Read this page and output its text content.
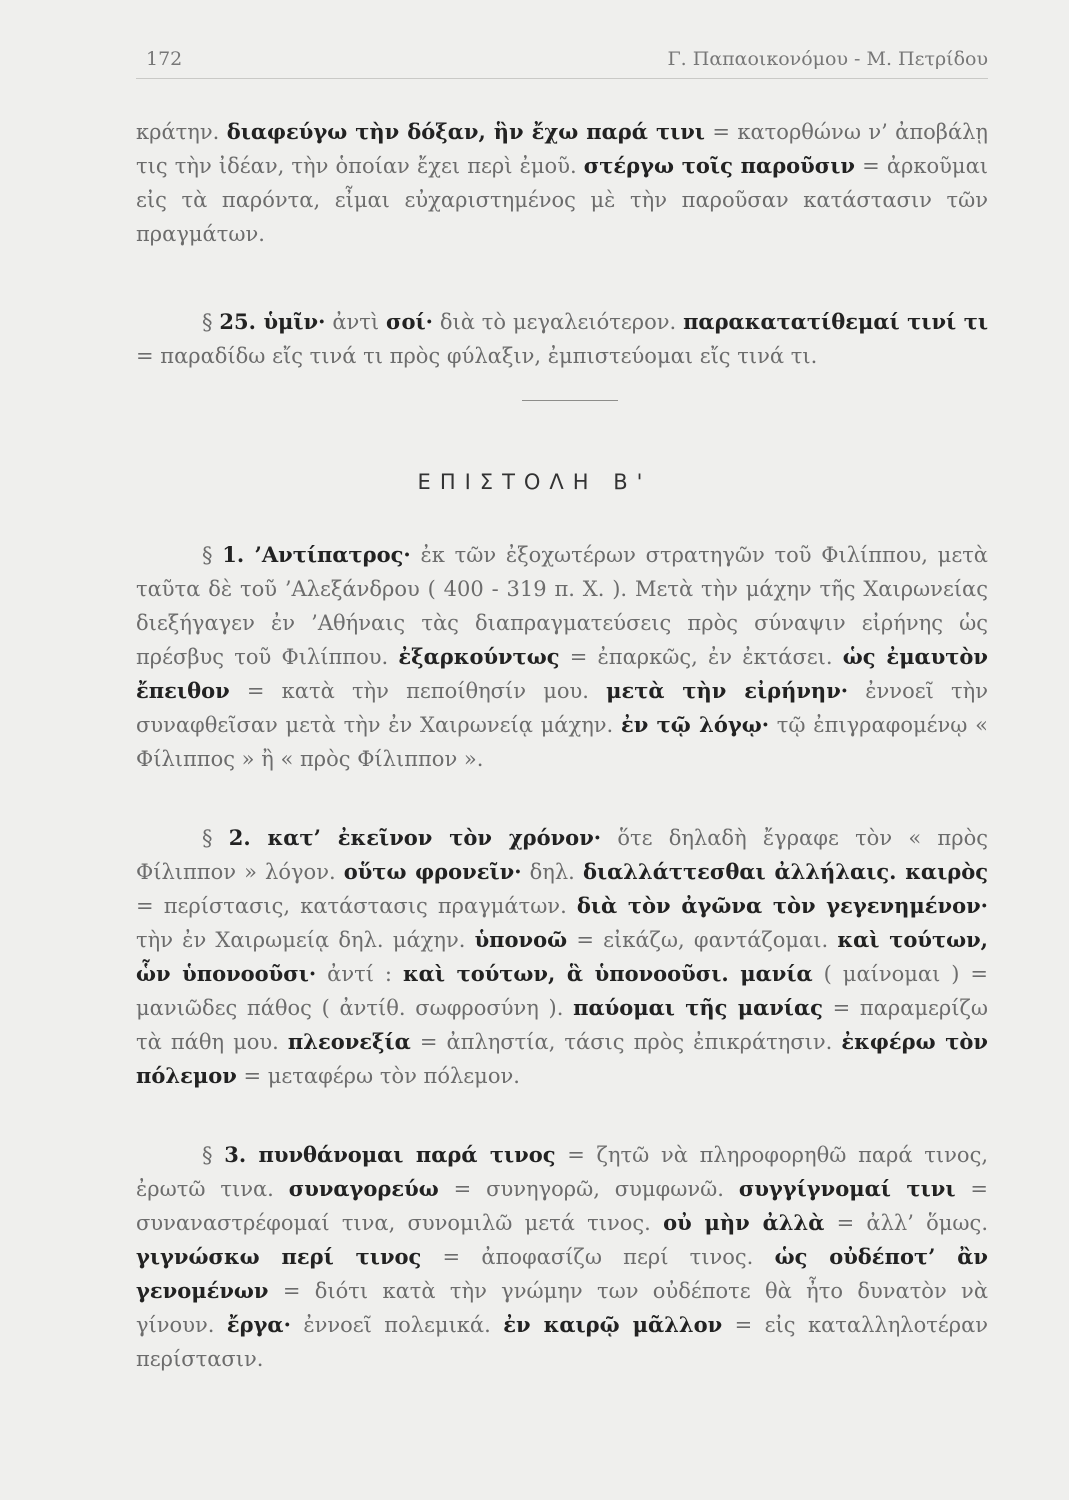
172	Γ. Παπαοικονόμου - Μ. Πετρίδου

κράτην. διαφεύγω τὴν δόξαν, ἣν ἔχω παρά τινι = κατορθώνω ν’ ἀποβάλῃ τις τὴν ἰδέαν, τὴν ὁποίαν ἔχει περὶ ἐμοῦ. στέργω τοῖς παροῦσιν = ἀρκοῦμαι εἰς τὰ παρόντα, εἶμαι εὐχαριστημένος μὲ τὴν παροῦσαν κατάστασιν τῶν πραγμάτων.

§ 25. ὑμῖν· ἀντὶ σοί· διὰ τὸ μεγαλειότερον. παρακατατίθεμαί τινί τι = παραδίδω εἴς τινά τι πρὸς φύλαξιν, ἐμπιστεύομαι εἴς τινά τι.

ΕΠΙΣΤΟΛΗ Β'

§ 1. ’Αντίπατρος· ἐκ τῶν ἐξοχωτέρων στρατηγῶν τοῦ Φιλίππου, μετὰ ταῦτα δὲ τοῦ ’Αλεξάνδρου ( 400 - 319 π. Χ. ). Μετὰ τὴν μάχην τῆς Χαιρωνείας διεξήγαγεν ἐν ’Αθήναις τὰς διαπραγματεύσεις πρὸς σύναψιν εἰρήνης ὡς πρέσβυς τοῦ Φιλίππου. ἐξαρκούντως = ἐπαρκῶς, ἐν ἐκτάσει. ὡς ἐμαυτὸν ἔπειθον = κατὰ τὴν πεποίθησίν μου. μετὰ τὴν εἰρήνην· ἐννοεῖ τὴν συναφθεῖσαν μετὰ τὴν ἐν Χαιρωνείᾳ μάχην. ἐν τῷ λόγῳ· τῷ ἐπιγραφομένῳ « Φίλιππος » ἢ « πρὸς Φίλιππον ».

§ 2. κατ’ ἐκεῖνον τὸν χρόνον· ὅτε δηλαδὴ ἔγραφε τὸν « πρὸς Φίλιππον » λόγον. οὕτω φρονεῖν· δηλ. διαλλάττεσθαι ἀλλήλαις. καιρὸς = περίστασις, κατάστασις πραγμάτων. διὰ τὸν ἀγῶνα τὸν γεγενημένον· τὴν ἐν Χαιρωμείᾳ δηλ. μάχην. ὑπονοῶ = εἰκάζω, φαντάζομαι. καὶ τούτων, ὧν ὑπονοοῦσι· ἀντί : καὶ τούτων, ἃ ὑπονοοῦσι. μανία ( μαίνομαι ) = μανιῶδες πάθος ( ἀντίθ. σωφροσύνη ). παύομαι τῆς μανίας = παραμερίζω τὰ πάθη μου. πλεονεξία = ἀπληστία, τάσις πρὸς ἐπικράτησιν. ἐκφέρω τὸν πόλεμον = μεταφέρω τὸν πόλεμον.

§ 3. πυνθάνομαι παρά τινος = ζητῶ νὰ πληροφορηθῶ παρά τινος, ἐρωτῶ τινα. συναγορεύω = συνηγορῶ, συμφωνῶ. συγγίγνομαί τινι = συναναστρέφομαί τινα, συνομιλῶ μετά τινος. οὐ μὴν ἀλλὰ = ἀλλ’ ὅμως. γιγνώσκω περί τινος = ἀποφασίζω περί τινος. ὡς οὐδέποτ’ ἂν γενομένων = διότι κατὰ τὴν γνώμην των οὐδέποτε θὰ ἦτο δυνατὸν νὰ γίνουν. ἔργα· ἐννοεῖ πολεμικά. ἐν καιρῷ μᾶλλον = εἰς καταλληλοτέραν περίστασιν.
